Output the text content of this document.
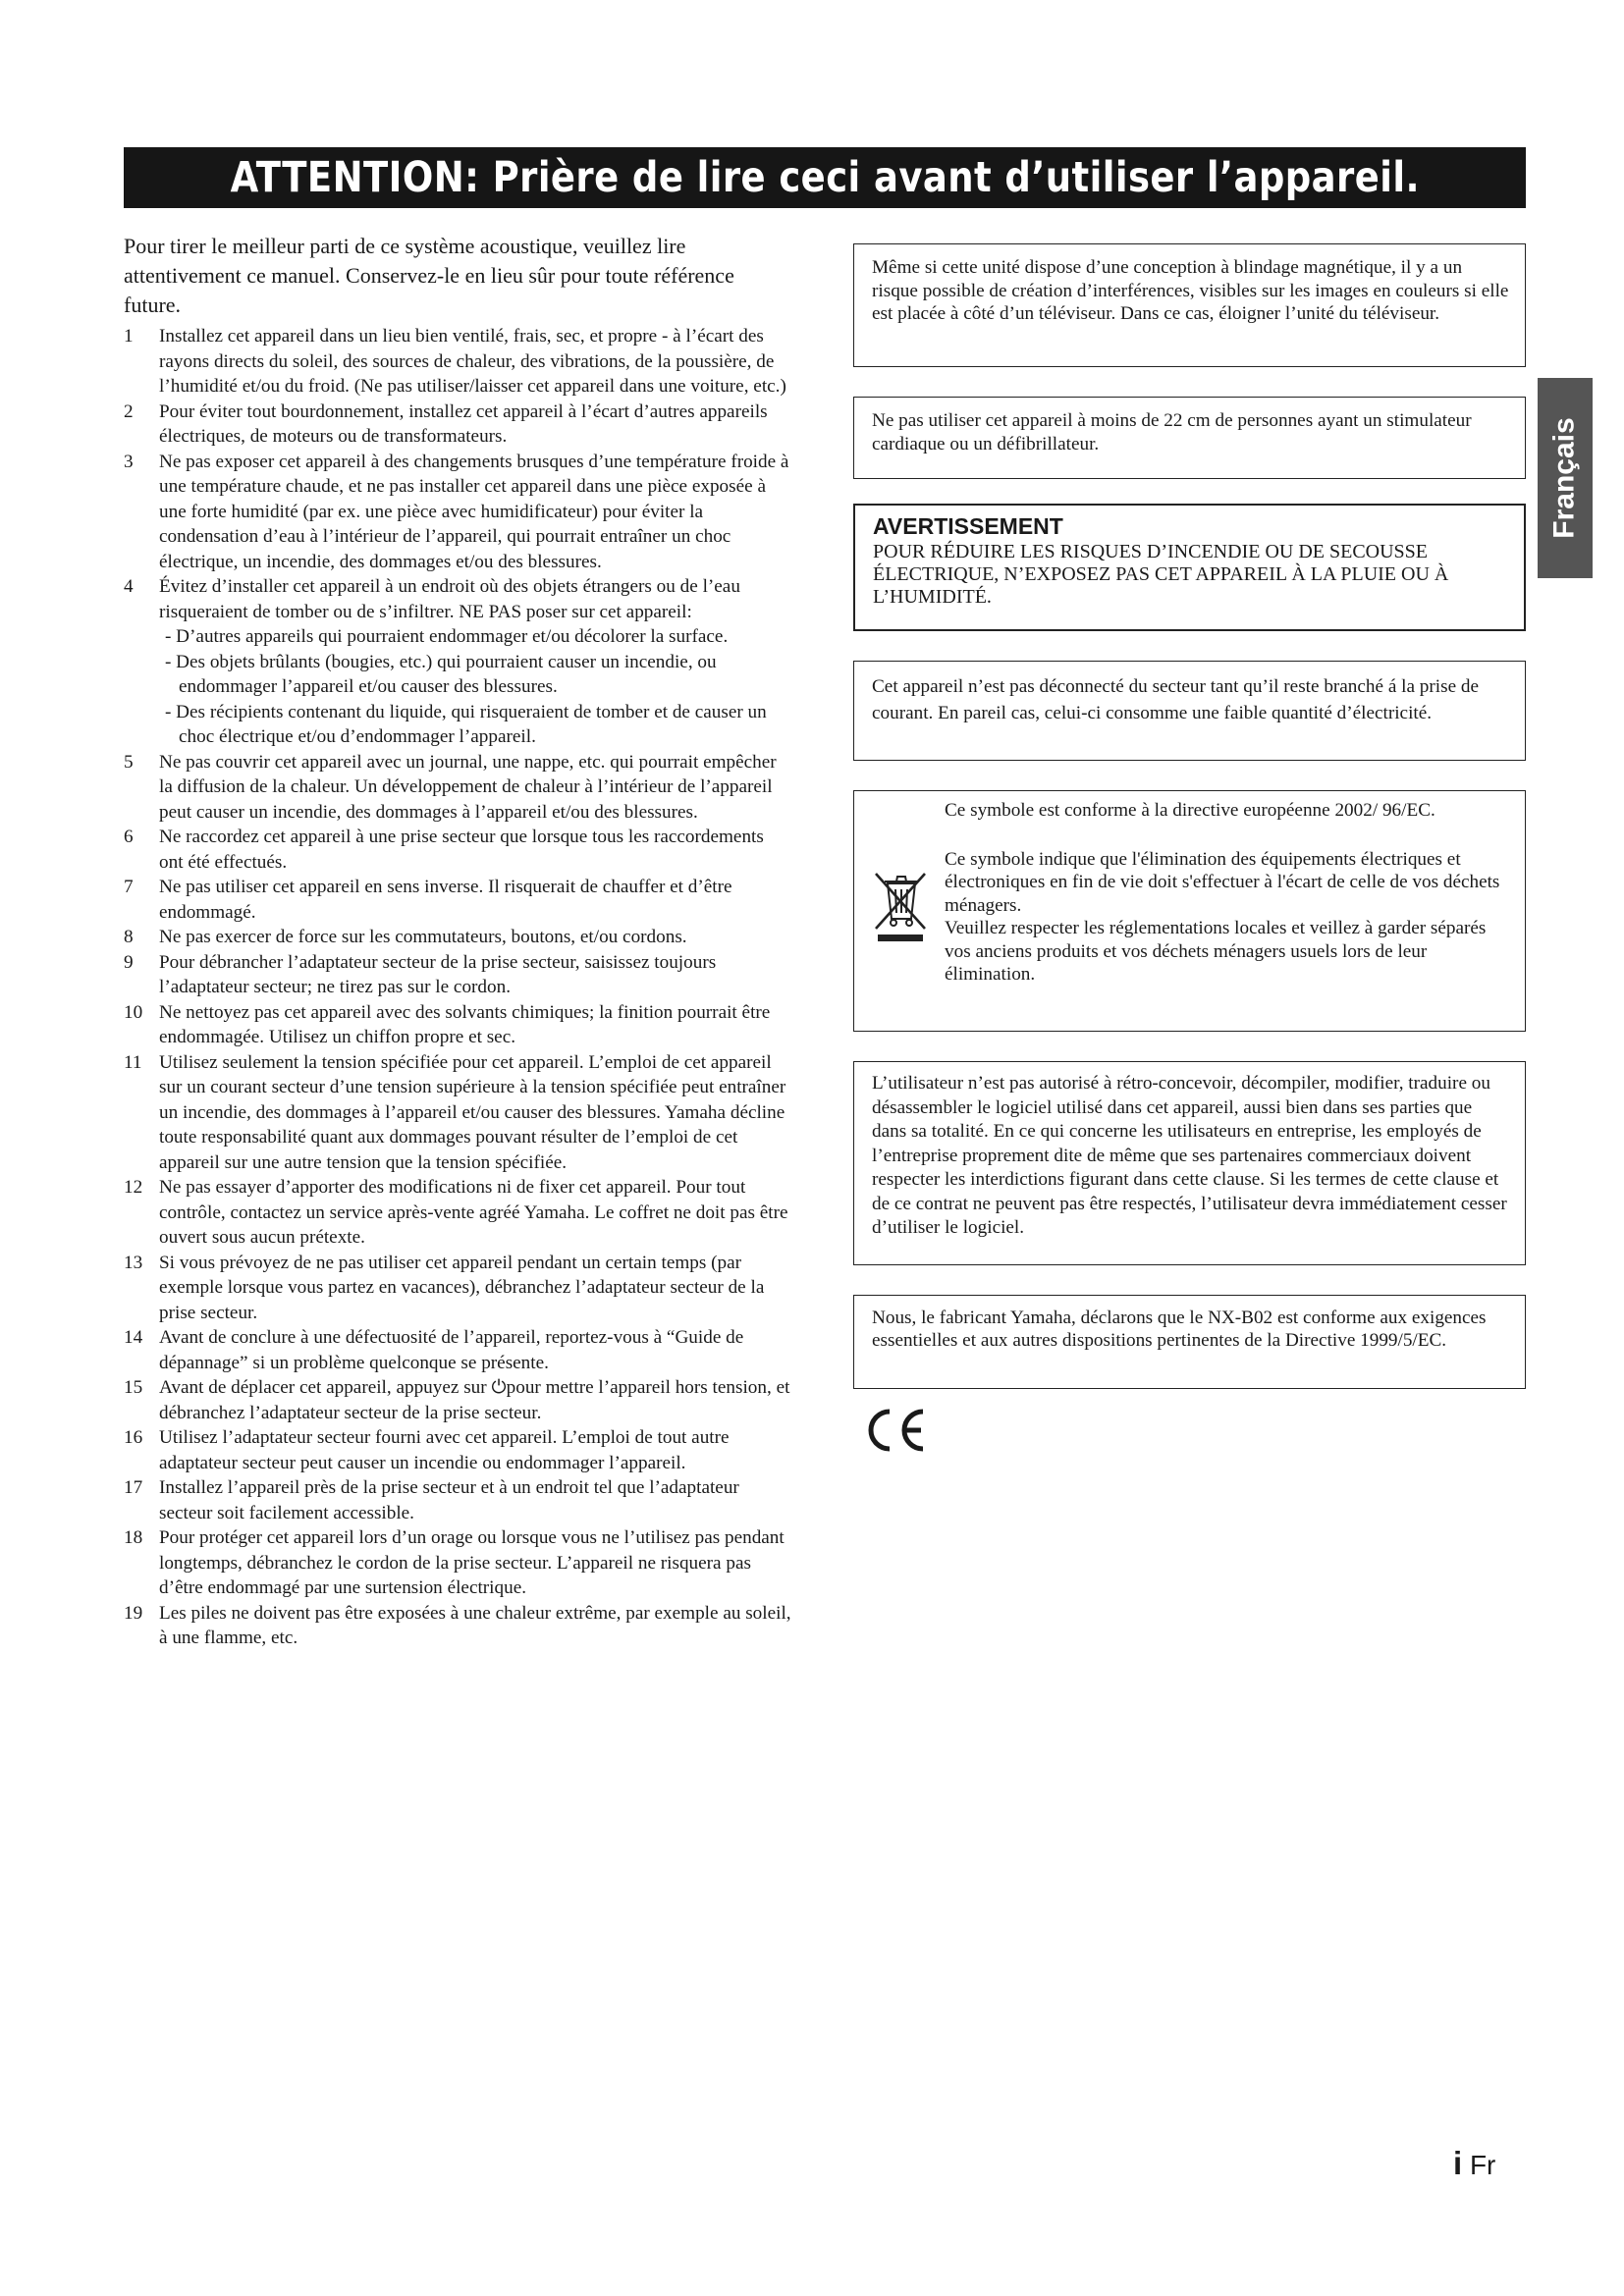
ATTENTION: Prière de lire ceci avant d’utiliser l’appareil.

Pour tirer le meilleur parti de ce système acoustique, veuillez lire attentivement ce manuel. Conservez-le en lieu sûr pour toute référence future.

1	Installez cet appareil dans un lieu bien ventilé, frais, sec, et propre - à l’écart des rayons directs du soleil, des sources de chaleur, des vibrations, de la poussière, de l’humidité et/ou du froid. (Ne pas utiliser/laisser cet appareil dans une voiture, etc.)
2	Pour éviter tout bourdonnement, installez cet appareil à l’écart d’autres appareils électriques, de moteurs ou de transformateurs.
3	Ne pas exposer cet appareil à des changements brusques d’une température froide à une température chaude, et ne pas installer cet appareil dans une pièce exposée à une forte humidité (par ex. une pièce avec humidificateur) pour éviter la condensation d’eau à l’intérieur de l’appareil, qui pourrait entraîner un choc électrique, un incendie, des dommages et/ou des blessures.
4	Évitez d’installer cet appareil à un endroit où des objets étrangers ou de l’eau risqueraient de tomber ou de s’infiltrer. NE PAS poser sur cet appareil:
- D’autres appareils qui pourraient endommager et/ou décolorer la surface.
- Des objets brûlants (bougies, etc.) qui pourraient causer un incendie, ou endommager l’appareil et/ou causer des blessures.
- Des récipients contenant du liquide, qui risqueraient de tomber et de causer un choc électrique et/ou d’endommager l’appareil.
5	Ne pas couvrir cet appareil avec un journal, une nappe, etc. qui pourrait empêcher la diffusion de la chaleur. Un développement de chaleur à l’intérieur de l’appareil peut causer un incendie, des dommages à l’appareil et/ou des blessures.
6	Ne raccordez cet appareil à une prise secteur que lorsque tous les raccordements ont été effectués.
7	Ne pas utiliser cet appareil en sens inverse. Il risquerait de chauffer et d’être endommagé.
8	Ne pas exercer de force sur les commutateurs, boutons, et/ou cordons.
9	Pour débrancher l’adaptateur secteur de la prise secteur, saisissez toujours l’adaptateur secteur; ne tirez pas sur le cordon.
10 Ne nettoyez pas cet appareil avec des solvants chimiques; la finition pourrait être endommagée. Utilisez un chiffon propre et sec.
11 Utilisez seulement la tension spécifiée pour cet appareil. L’emploi de cet appareil sur un courant secteur d’une tension supérieure à la tension spécifiée peut entraîner un incendie, des dommages à l’appareil et/ou causer des blessures. Yamaha décline toute responsabilité quant aux dommages pouvant résulter de l’emploi de cet appareil sur une autre tension que la tension spécifiée.
12 Ne pas essayer d’apporter des modifications ni de fixer cet appareil. Pour tout contrôle, contactez un service après-vente agréé Yamaha. Le coffret ne doit pas être ouvert sous aucun prétexte.
13 Si vous prévoyez de ne pas utiliser cet appareil pendant un certain temps (par exemple lorsque vous partez en vacances), débranchez l’adaptateur secteur de la prise secteur.
14 Avant de conclure à une défectuosité de l’appareil, reportez-vous à “Guide de dépannage” si un problème quelconque se présente.
15 Avant de déplacer cet appareil, appuyez sur ⏻pour mettre l’appareil hors tension, et débranchez l’adaptateur secteur de la prise secteur.
16 Utilisez l’adaptateur secteur fourni avec cet appareil. L’emploi de tout autre adaptateur secteur peut causer un incendie ou endommager l’appareil.
17 Installez l’appareil près de la prise secteur et à un endroit tel que l’adaptateur secteur soit facilement accessible.
18 Pour protéger cet appareil lors d’un orage ou lorsque vous ne l’utilisez pas pendant longtemps, débranchez le cordon de la prise secteur. L’appareil ne risquera pas d’être endommagé par une surtension électrique.
19 Les piles ne doivent pas être exposées à une chaleur extrême, par exemple au soleil, à une flamme, etc.
Même si cette unité dispose d’une conception à blindage magnétique, il y a un risque possible de création d’interférences, visibles sur les images en couleurs si elle est placée à côté d’un téléviseur. Dans ce cas, éloigner l’unité du téléviseur.
Ne pas utiliser cet appareil à moins de 22 cm de personnes ayant un stimulateur cardiaque ou un défibrillateur.
AVERTISSEMENT
POUR RÉDUIRE LES RISQUES D’INCENDIE OU DE SECOUSSE ÉLECTRIQUE, N’EXPOSEZ PAS CET APPAREIL À LA PLUIE OU À L’HUMIDITÉ.
Cet appareil n’est pas déconnecté du secteur tant qu’il reste branché á la prise de courant. En pareil cas, celui-ci consomme une faible quantité d’électricité.

Ce symbole est conforme à la directive européenne 2002/ 96/EC.

Ce symbole indique que l'élimination des équipements électriques et électroniques en fin de vie doit s'effectuer à l'écart de celle de vos déchets ménagers.

Veuillez respecter les réglementations locales et veillez à garder séparés vos anciens produits et vos déchets ménagers usuels lors de leur élimination.

L’utilisateur n’est pas autorisé à rétro-concevoir, décompiler, modifier, traduire ou désassembler le logiciel utilisé dans cet appareil, aussi bien dans ses parties que dans sa totalité. En ce qui concerne les utilisateurs en entreprise, les employés de l’entreprise proprement dite de même que ses partenaires commerciaux doivent respecter les interdictions figurant dans cette clause. Si les termes de cette clause et de ce contrat ne peuvent pas être respectés, l’utilisateur devra immédiatement cesser d’utiliser le logiciel.
Nous, le fabricant Yamaha, déclarons que le NX-B02 est conforme aux exigences essentielles et aux autres dispositions pertinentes de la Directive 1999/5/EC.
Français
i Fr
